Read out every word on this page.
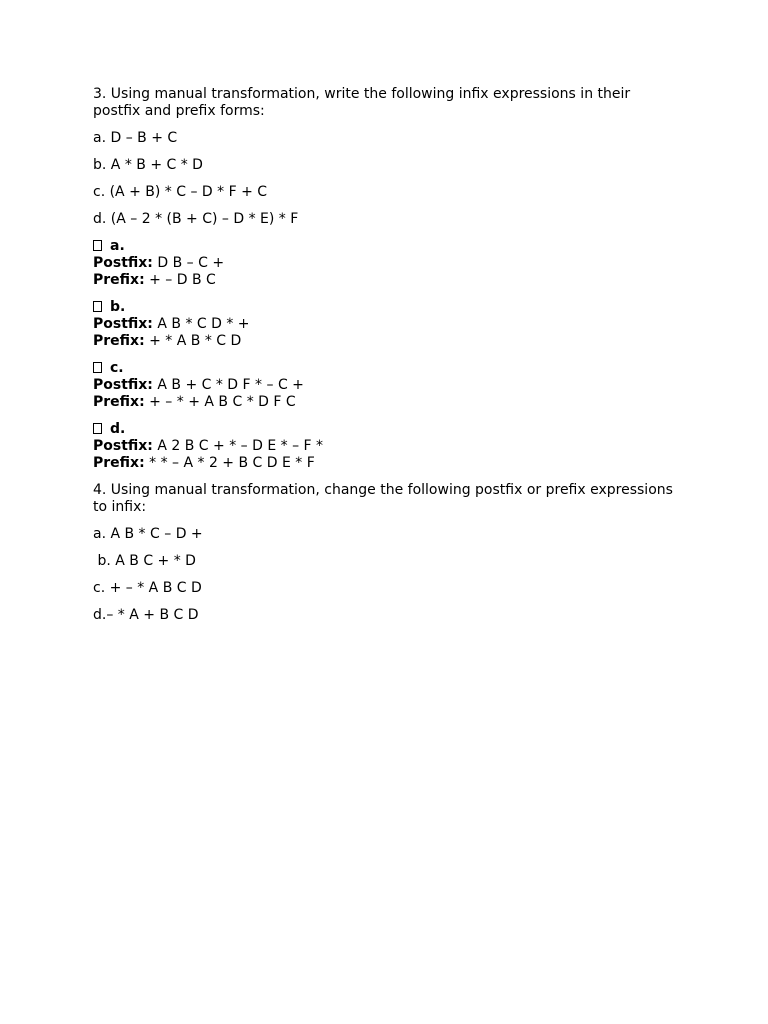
3. Using manual transformation, write the following infix expressions in their postfix and prefix forms:

a. D – B + C

b. A * B + C * D

c. (A + B) * C – D * F + C

d. (A – 2 * (B + C) – D * E) * F

a.
Postfix: D B – C +
Prefix: + – D B C
b.
Postfix: A B * C D * +
Prefix: + * A B * C D
c.
Postfix: A B + C * D F * – C +
Prefix: + – * + A B C * D F C
d.
Postfix: A 2 B C + * – D E * – F *
Prefix: * * – A * 2 + B C D E * F

4. Using manual transformation, change the following postfix or prefix expressions to infix:

a. A B * C – D +

b. A B C + * D

c. + – * A B C D

d.– * A + B C D
